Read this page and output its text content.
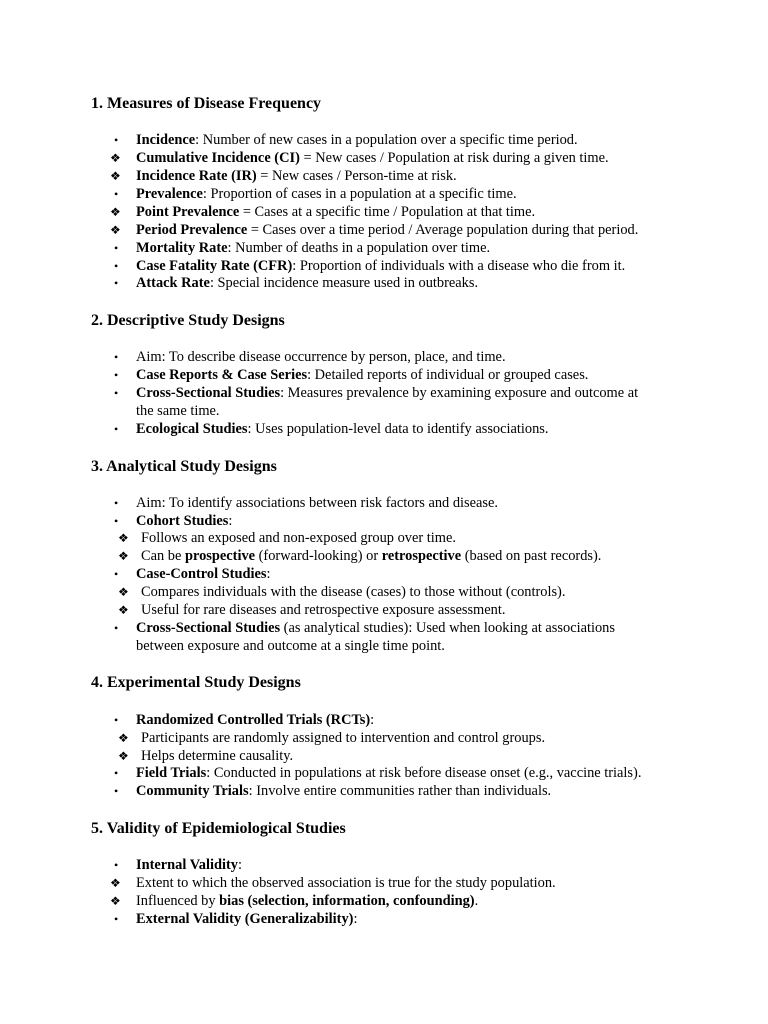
1. Measures of Disease Frequency
• Incidence: Number of new cases in a population over a specific time period.
❖ Cumulative Incidence (CI) = New cases / Population at risk during a given time.
❖ Incidence Rate (IR) = New cases / Person-time at risk.
• Prevalence: Proportion of cases in a population at a specific time.
❖ Point Prevalence = Cases at a specific time / Population at that time.
❖ Period Prevalence = Cases over a time period / Average population during that period.
• Mortality Rate: Number of deaths in a population over time.
• Case Fatality Rate (CFR): Proportion of individuals with a disease who die from it.
• Attack Rate: Special incidence measure used in outbreaks.
2. Descriptive Study Designs
• Aim: To describe disease occurrence by person, place, and time.
• Case Reports & Case Series: Detailed reports of individual or grouped cases.
• Cross-Sectional Studies: Measures prevalence by examining exposure and outcome at
the same time.
• Ecological Studies: Uses population-level data to identify associations.
3. Analytical Study Designs
• Aim: To identify associations between risk factors and disease.
• Cohort Studies:
❖ Follows an exposed and non-exposed group over time.
❖ Can be prospective (forward-looking) or retrospective (based on past records).
• Case-Control Studies:
❖ Compares individuals with the disease (cases) to those without (controls).
❖ Useful for rare diseases and retrospective exposure assessment.
• Cross-Sectional Studies (as analytical studies): Used when looking at associations
between exposure and outcome at a single time point.
4. Experimental Study Designs
• Randomized Controlled Trials (RCTs):
❖ Participants are randomly assigned to intervention and control groups.
❖ Helps determine causality.
• Field Trials: Conducted in populations at risk before disease onset (e.g., vaccine trials).
• Community Trials: Involve entire communities rather than individuals.
5. Validity of Epidemiological Studies
• Internal Validity:
❖ Extent to which the observed association is true for the study population.
❖ Influenced by bias (selection, information, confounding).
• External Validity (Generalizability):
